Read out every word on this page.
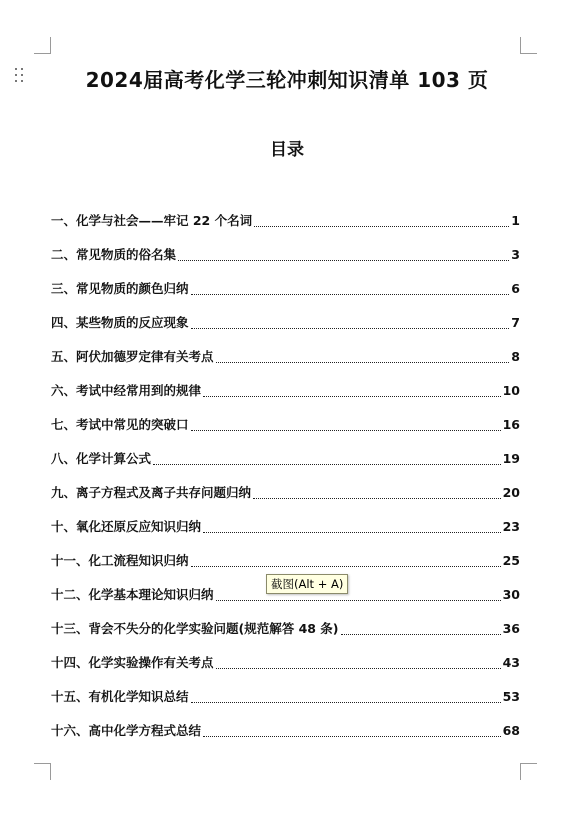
2024届高考化学三轮冲刺知识清单 103 页
目录
一、化学与社会——牢记 22 个名词	1
二、常见物质的俗名集	3
三、常见物质的颜色归纳	6
四、某些物质的反应现象	7
五、阿伏加德罗定律有关考点	8
六、考试中经常用到的规律	10
七、考试中常见的突破口	16
八、化学计算公式	19
九、离子方程式及离子共存问题归纳	20
十、氧化还原反应知识归纳	23
十一、化工流程知识归纳	25
十二、化学基本理论知识归纳	30
十三、背会不失分的化学实验问题(规范解答 48 条)	36
十四、化学实验操作有关考点	43
十五、有机化学知识总结	53
十六、高中化学方程式总结	68
截图(Alt + A)
